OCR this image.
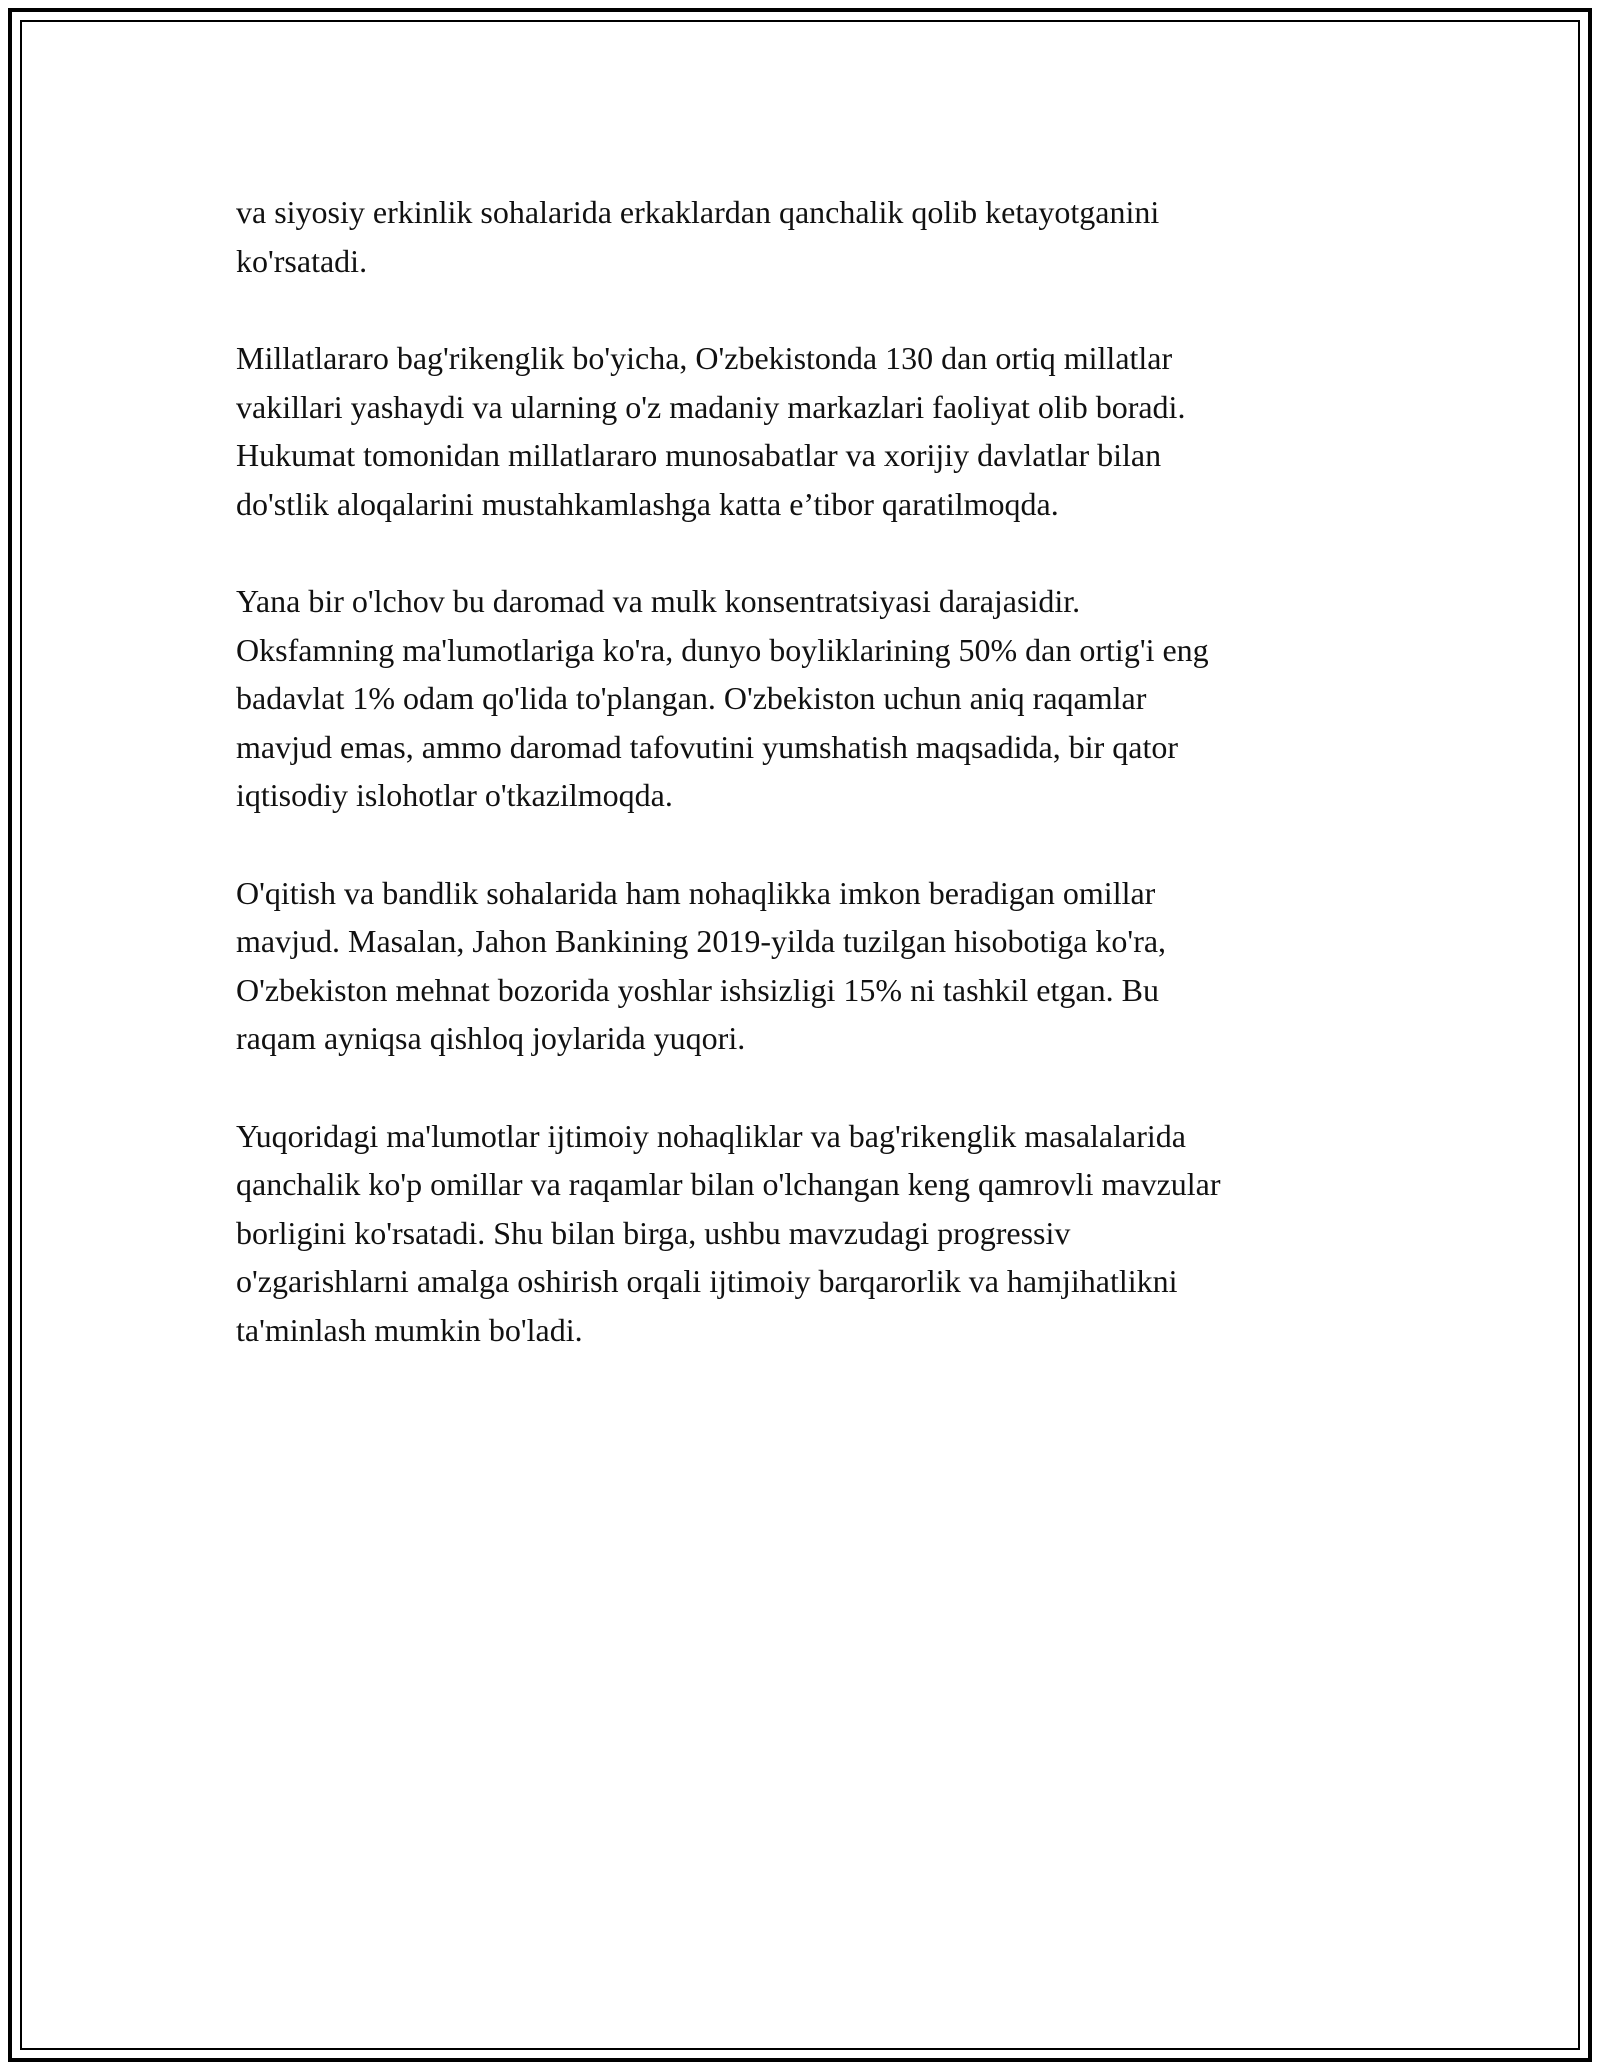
va siyosiy erkinlik sohalarida erkaklardan qanchalik qolib ketayotganini
ko'rsatadi.

Millatlararo bag'rikenglik bo'yicha, O'zbekistonda 130 dan ortiq millatlar
vakillari yashaydi va ularning o'z madaniy markazlari faoliyat olib boradi.
Hukumat tomonidan millatlararo munosabatlar va xorijiy davlatlar bilan
do'stlik aloqalarini mustahkamlashga katta e’tibor qaratilmoqda.

Yana bir o'lchov bu daromad va mulk konsentratsiyasi darajasidir.
Oksfamning ma'lumotlariga ko'ra, dunyo boyliklarining 50% dan ortig'i eng
badavlat 1% odam qo'lida to'plangan. O'zbekiston uchun aniq raqamlar
mavjud emas, ammo daromad tafovutini yumshatish maqsadida, bir qator
iqtisodiy islohotlar o'tkazilmoqda.

O'qitish va bandlik sohalarida ham nohaqlikka imkon beradigan omillar
mavjud. Masalan, Jahon Bankining 2019-yilda tuzilgan hisobotiga ko'ra,
O'zbekiston mehnat bozorida yoshlar ishsizligi 15% ni tashkil etgan. Bu
raqam ayniqsa qishloq joylarida yuqori.

Yuqoridagi ma'lumotlar ijtimoiy nohaqliklar va bag'rikenglik masalalarida
qanchalik ko'p omillar va raqamlar bilan o'lchangan keng qamrovli mavzular
borligini ko'rsatadi. Shu bilan birga, ushbu mavzudagi progressiv
o'zgarishlarni amalga oshirish orqali ijtimoiy barqarorlik va hamjihatlikni
ta'minlash mumkin bo'ladi.
